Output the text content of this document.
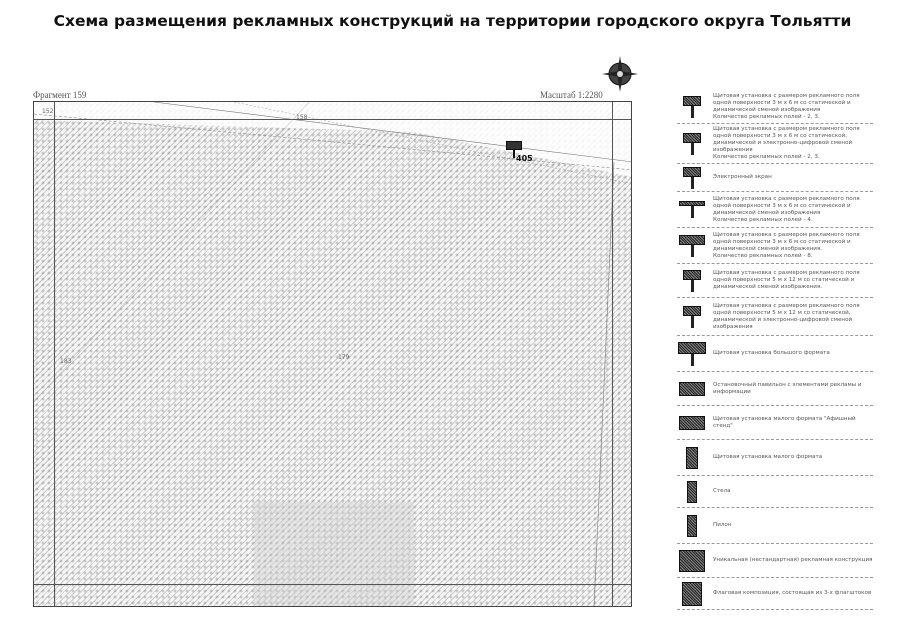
Схема размещения рекламных конструкций на территории городского округа Тольятти
Фрагмент 159	Масштаб 1:2280
152
158
183
179
405
Щитовая установка с размером рекламного поля одной поверхности 3 м х 6 м со статической и динамической сменой изображения
Количество рекламных полей - 2, 3.
Щитовая установка с размером рекламного поля одной поверхности 3 м х 6 м со статической, динамической и электронно-цифровой сменой изображения
Количество рекламных полей - 2, 3.
Электронный экран
Щитовая установка с размером рекламного поля одной поверхности 3 м х 6 м со статической и динамической сменой изображения
Количество рекламных полей - 4.
Щитовая установка с размером рекламного поля одной поверхности 3 м х 6 м со статической и динамической сменой изображения.
Количество рекламных полей - 8.
Щитовая установка с размером рекламного поля одной поверхности 5 м х 12 м со статической и динамической сменой изображения.
Щитовая установка с размером рекламного поля одной поверхности 5 м х 12 м со статической, динамической и электронно-цифровой сменой изображения
Щитовая установка большого формата
Остановочный павильон с элементами рекламы и информации
Щитовая установка малого формата "Афишный стенд"
Щитовая установка малого формата
Стела
Пилон
Уникальная (нестандартная) рекламная конструкция
Флаговая композиция, состоящая из 3-х флагштоков
